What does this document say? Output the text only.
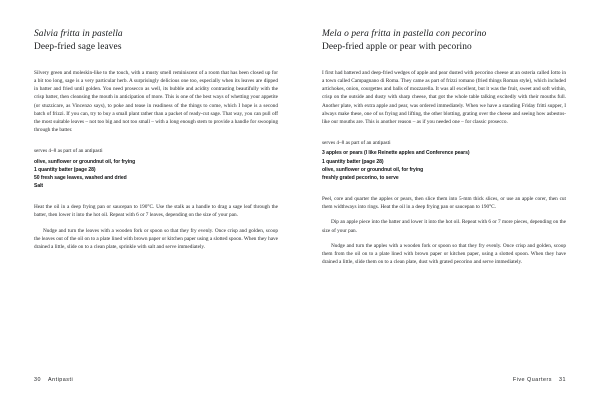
Salvia fritta in pastella
Deep-fried sage leaves

Silvery green and moleskin-like to the touch, with a musty smell reminiscent of a room that has been closed up for a bit too long, sage is a very particular herb. A surprisingly delicious one too, especially when its leaves are dipped in batter and fried until golden. You need prosecco as well, its bubble and acidity contrasting beautifully with the crisp batter, then cleansing the mouth in anticipation of more. This is one of the best ways of whetting your appetite (or stuzzicare, as Vincenzo says), to poke and tease in readiness of the things to come, which I hope is a second batch of frizzi. If you can, try to buy a small plant rather than a packet of ready-cut sage. That way, you can pull off the most suitable leaves – not too big and not too small – with a long enough stem to provide a handle for swooping through the batter.

serves 4–8 as part of an antipasti

olive, sunflower or groundnut oil, for frying

1 quantity batter (page 28)

50 fresh sage leaves, washed and dried

Salt

Heat the oil in a deep frying pan or saucepan to 190°C. Use the stalk as a handle to drag a sage leaf through the batter, then lower it into the hot oil. Repeat with 6 or 7 leaves, depending on the size of your pan.

Nudge and turn the leaves with a wooden fork or spoon so that they fry evenly. Once crisp and golden, scoop the leaves out of the oil on to a plate lined with brown paper or kitchen paper using a slotted spoon. When they have drained a little, slide on to a clean plate, sprinkle with salt and serve immediately.

30 Antipasti
Mela o pera fritta in pastella con pecorino
Deep-fried apple or pear with pecorino

I first had battered and deep-fried wedges of apple and pear dusted with pecorino cheese at an osteria called Iotto in a town called Campagnano di Roma. They came as part of frizzi romano (fried things Roman style), which included artichokes, onion, courgettes and balls of mozzarella. It was all excellent, but it was the fruit, sweet and soft within, crisp on the outside and dusty with sharp cheese, that got the whole table talking excitedly with their mouths full. Another plate, with extra apple and pear, was ordered immediately. When we have a standing Friday fritti supper, I always make these, one of us frying and lifting, the other blotting, grating over the cheese and seeing how asbestos-like our mouths are. This is another reason – as if you needed one – for classic prosecco.

serves 4–8 as part of an antipasti

3 apples or pears (I like Reinette apples and Conference pears)

1 quantity batter (page 28)

olive, sunflower or groundnut oil, for frying

freshly grated pecorino, to serve

Peel, core and quarter the apples or pears, then slice them into 5-mm thick slices, or use an apple corer, then cut them widthways into rings. Heat the oil in a deep frying pan or saucepan to 190°C.

Dip an apple piece into the batter and lower it into the hot oil. Repeat with 6 or 7 more pieces, depending on the size of your pan.

Nudge and turn the apples with a wooden fork or spoon so that they fry evenly. Once crisp and golden, scoop them from the oil on to a plate lined with brown paper or kitchen paper, using a slotted spoon. When they have drained a little, slide them on to a clean plate, dust with grated pecorino and serve immediately.

Five Quarters 31
